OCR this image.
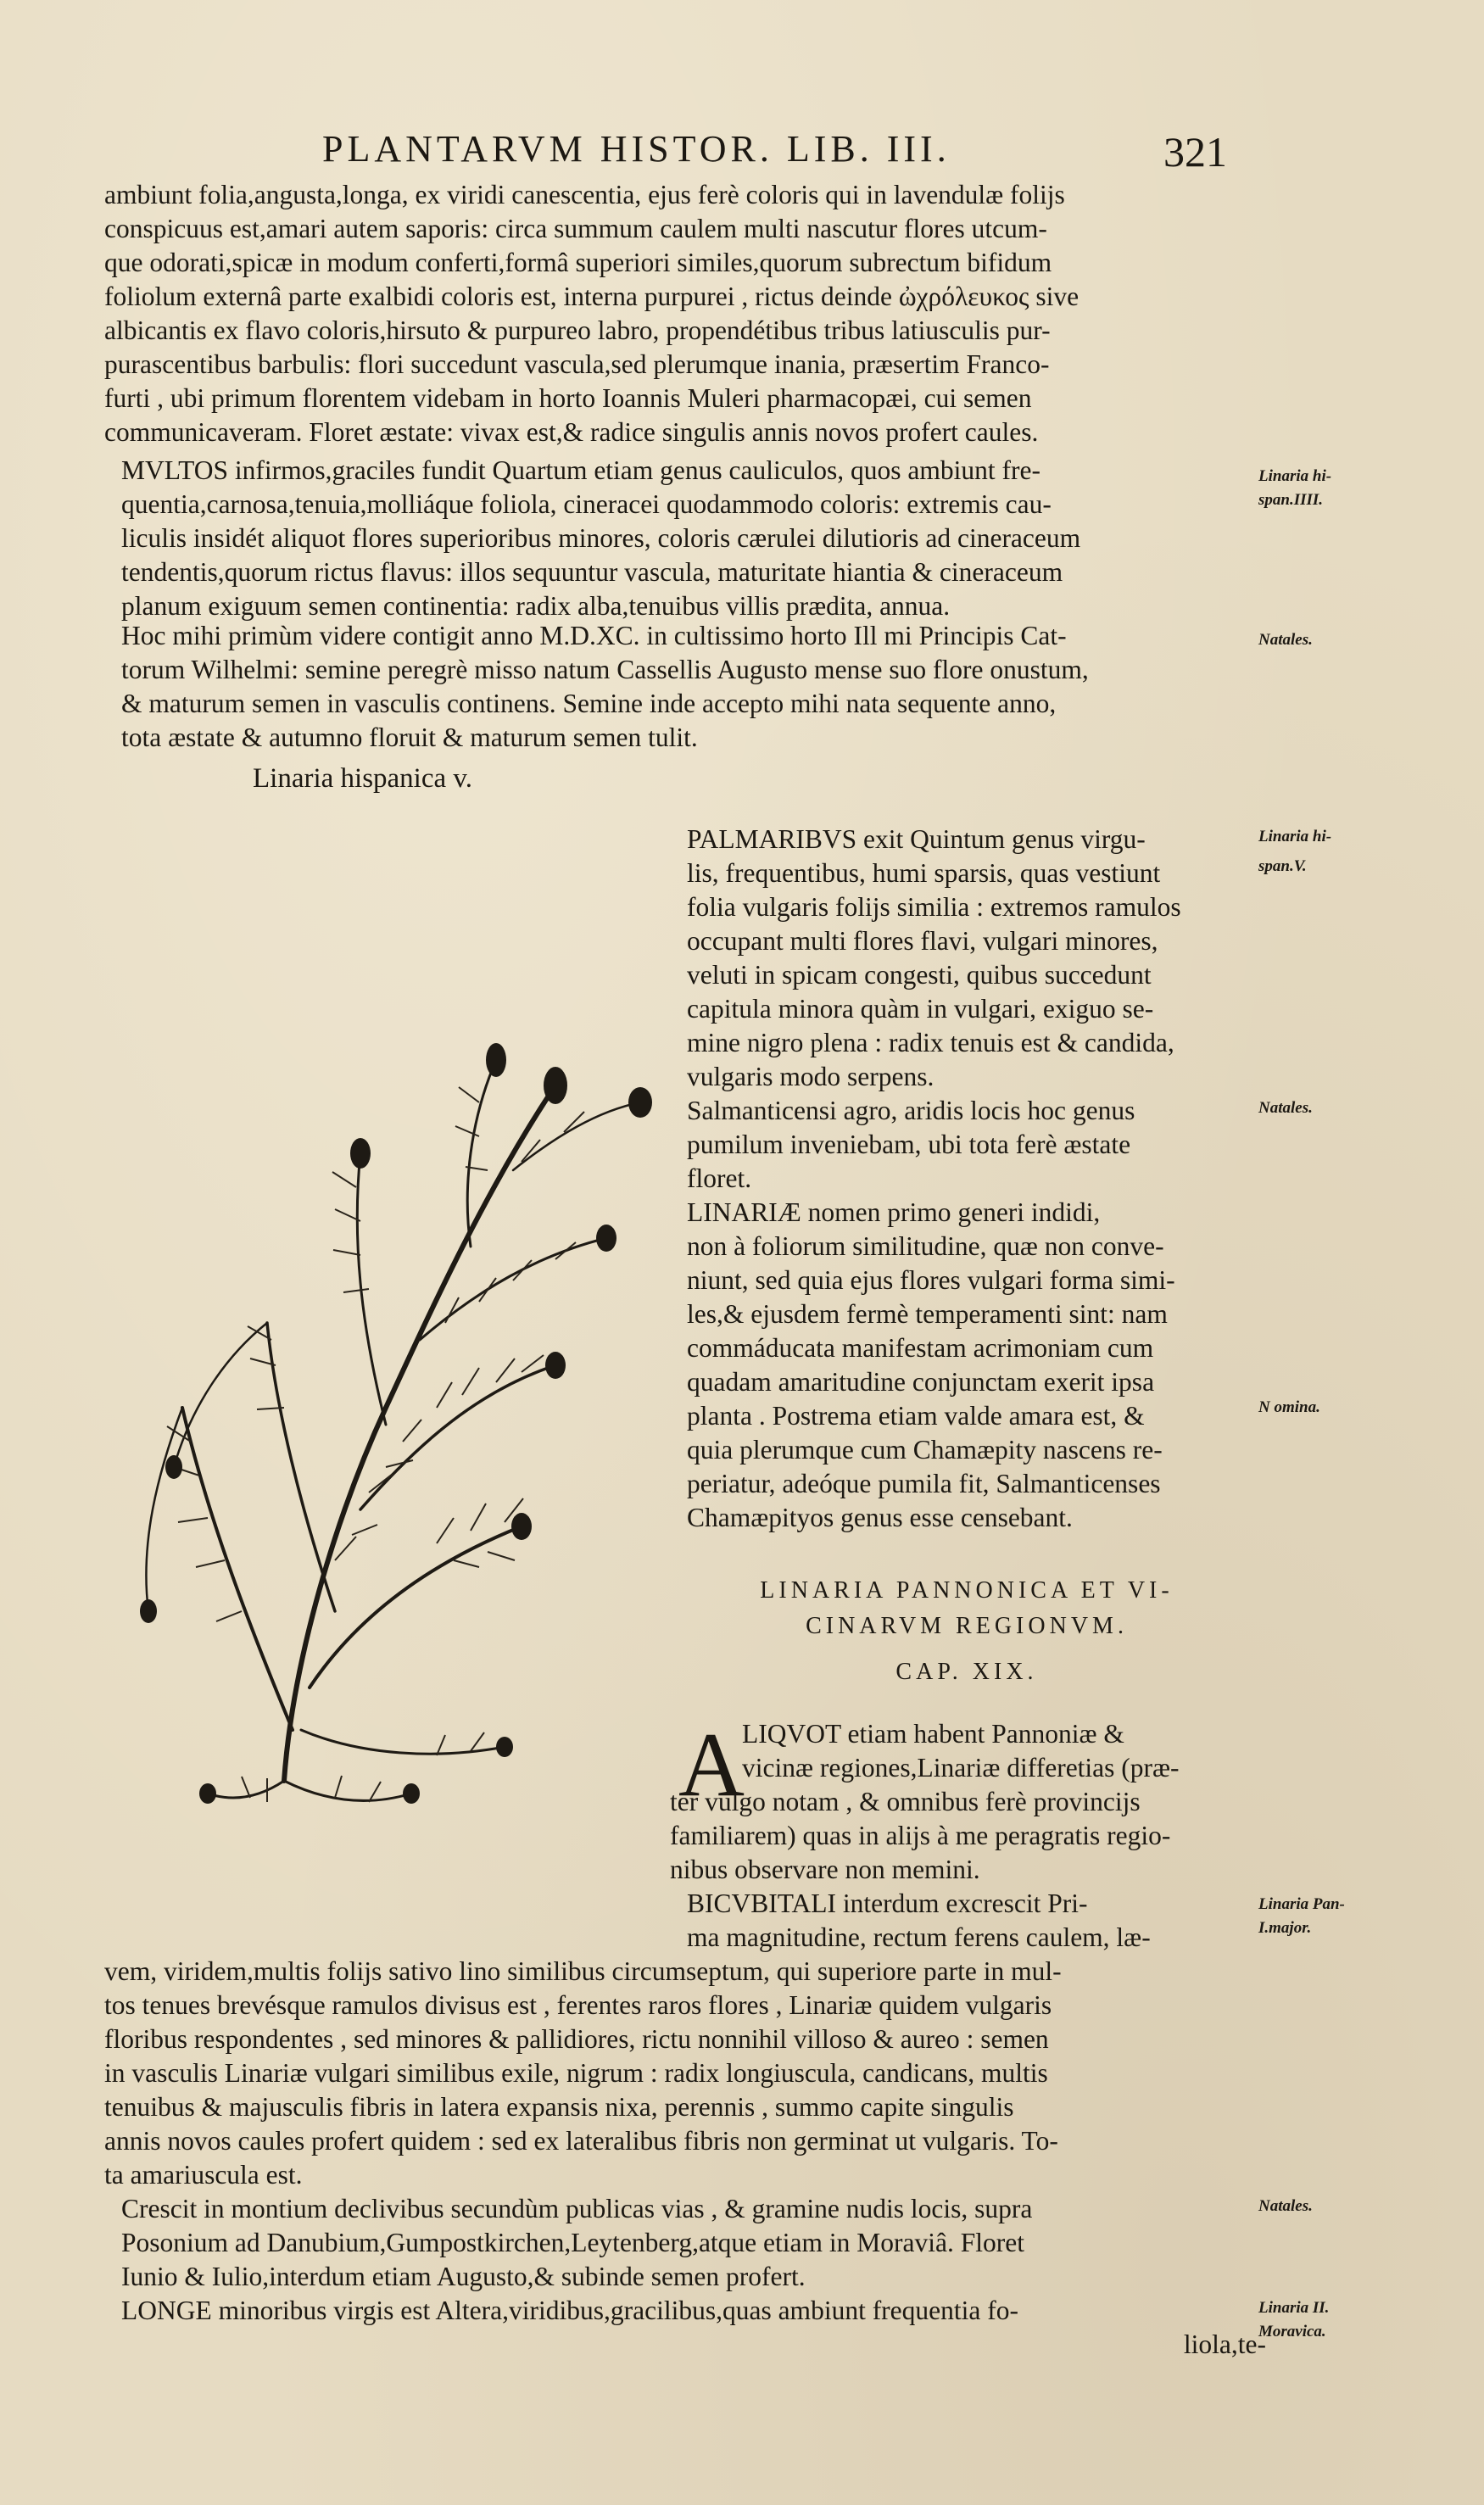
PLANTARVM HISTOR. LIB. III.	321
ambiunt folia,angusta,longa, ex viridi canescentia, ejus ferè coloris qui in lavendulæ folijs
conspicuus est,amari autem saporis: circa summum caulem multi nascutur flores utcum-
que odorati,spicæ in modum conferti,formâ superiori similes,quorum subrectum bifidum
foliolum externâ parte exalbidi coloris est, interna purpurei , rictus deinde ὠχρόλευκος sive
albicantis ex flavo coloris,hirsuto & purpureo labro, propendétibus tribus latiusculis pur-
purascentibus barbulis: flori succedunt vascula,sed plerumque inania, præsertim Franco-
furti , ubi primum florentem videbam in horto Ioannis Muleri pharmacopæi, cui semen
communicaveram. Floret æstate: vivax est,& radice singulis annis novos profert caules.
MVLTOS infirmos,graciles fundit Quartum etiam genus cauliculos, quos ambiunt fre-
quentia,carnosa,tenuia,molliáque foliola, cineracei quodammodo coloris: extremis cau-
liculis insidét aliquot flores superioribus minores, coloris cærulei dilutioris ad cineraceum
tendentis,quorum rictus flavus: illos sequuntur vascula, maturitate hiantia & cineraceum
planum exiguum semen continentia: radix alba,tenuibus villis prædita, annua.
Hoc mihi primùm videre contigit anno M.D.XC. in cultissimo horto Ill mi Principis Cat-
torum Wilhelmi: semine peregrè misso natum Cassellis Augusto mense suo flore onustum,
& maturum semen in vasculis continens. Semine inde accepto mihi nata sequente anno,
tota æstate & autumno floruit & maturum semen tulit.
Linaria hispanica v.
PALMARIBVS exit Quintum genus virgu-
lis, frequentibus, humi sparsis, quas vestiunt
folia vulgaris folijs similia : extremos ramulos
occupant multi flores flavi, vulgari minores,
veluti in spicam congesti, quibus succedunt
capitula minora quàm in vulgari, exiguo se-
mine nigro plena : radix tenuis est & candida,
vulgaris modo serpens.
Salmanticensi agro, aridis locis hoc genus
pumilum inveniebam, ubi tota ferè æstate
floret.
LINARIÆ nomen primo generi indidi,
non à foliorum similitudine, quæ non conve-
niunt, sed quia ejus flores vulgari forma simi-
les,& ejusdem fermè temperamenti sint: nam
commáducata manifestam acrimoniam cum
quadam amaritudine conjunctam exerit ipsa
planta . Postrema etiam valde amara est, &
quia plerumque cum Chamæpity nascens re-
periatur, adeóque pumila fit, Salmanticenses
Chamæpityos genus esse censebant.
LINARIA PANNONICA ET VI-
CINARVM REGIONVM.
CAP. XIX.
A
LIQVOT etiam habent Pannoniæ &
vicinæ regiones,Linariæ differetias (præ-
ter vulgo notam , & omnibus ferè provincijs
familiarem) quas in alijs à me peragratis regio-
nibus observare non memini.
BICVBITALI interdum excrescit Pri-
ma magnitudine, rectum ferens caulem, læ-
vem, viridem,multis folijs sativo lino similibus circumseptum, qui superiore parte in mul-
tos tenues brevésque ramulos divisus est , ferentes raros flores , Linariæ quidem vulgaris
floribus respondentes , sed minores & pallidiores, rictu nonnihil villoso & aureo : semen
in vasculis Linariæ vulgari similibus exile, nigrum : radix longiuscula, candicans, multis
tenuibus & majusculis fibris in latera expansis nixa, perennis , summo capite singulis
annis novos caules profert quidem : sed ex lateralibus fibris non germinat ut vulgaris. To-
ta amariuscula est.
Crescit in montium declivibus secundùm publicas vias , & gramine nudis locis, supra
Posonium ad Danubium,Gumpostkirchen,Leytenberg,atque etiam in Moraviâ. Floret
Iunio & Iulio,interdum etiam Augusto,& subinde semen profert.
LONGE minoribus virgis est Altera,viridibus,gracilibus,quas ambiunt frequentia fo-
liola,te-
Linaria hi-
span.IIII.
Natales.
Linaria hi-
span.V.
Natales.
N omina.
Linaria Pan-
I.major.
Natales.
Linaria II.
Moravica.
